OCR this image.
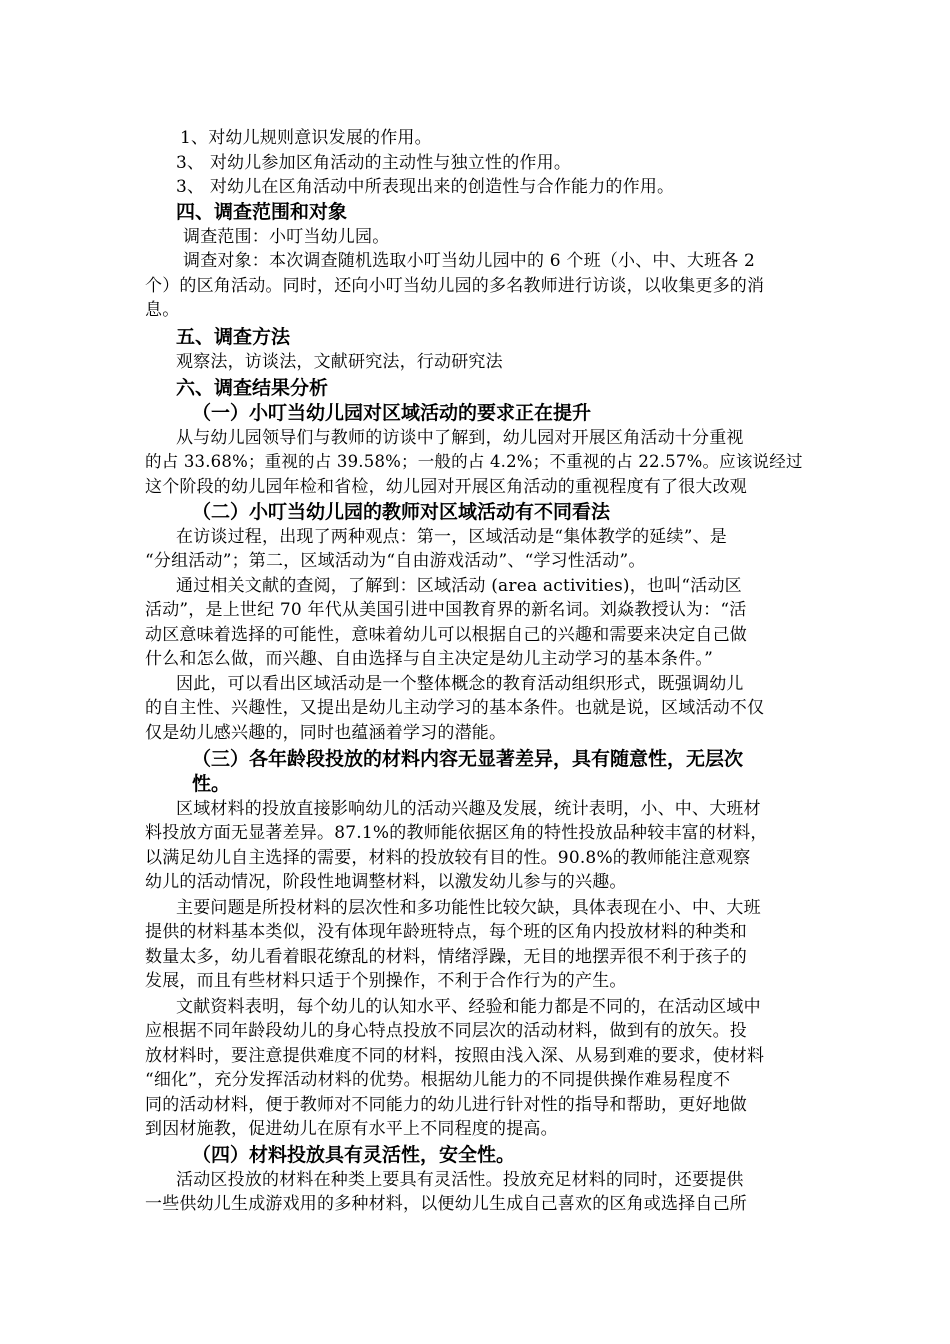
1、对幼儿规则意识发展的作用。
3、 对幼儿参加区角活动的主动性与独立性的作用。
3、 对幼儿在区角活动中所表现出来的创造性与合作能力的作用。
四、调查范围和对象
调查范围：小叮当幼儿园。
调查对象：本次调查随机选取小叮当幼儿园中的 6 个班（小、中、大班各 2
个）的区角活动。同时，还向小叮当幼儿园的多名教师进行访谈，以收集更多的消
息。
五、调查方法
观察法，访谈法，文献研究法，行动研究法
六、调查结果分析
（一）小叮当幼儿园对区域活动的要求正在提升
从与幼儿园领导们与教师的访谈中了解到，幼儿园对开展区角活动十分重视
的占 33.68%；重视的占 39.58%；一般的占 4.2%；不重视的占 22.57%。应该说经过
这个阶段的幼儿园年检和省检，幼儿园对开展区角活动的重视程度有了很大改观
（二）小叮当幼儿园的教师对区域活动有不同看法
在访谈过程，出现了两种观点：第一，区域活动是“集体教学的延续”、是
“分组活动”；第二，区域活动为“自由游戏活动”、“学习性活动”。
通过相关文献的查阅，了解到：区域活动 (area activities)，也叫“活动区
活动”，是上世纪 70 年代从美国引进中国教育界的新名词。刘焱教授认为：“活
动区意味着选择的可能性，意味着幼儿可以根据自己的兴趣和需要来决定自己做
什么和怎么做，而兴趣、自由选择与自主决定是幼儿主动学习的基本条件。”
因此，可以看出区域活动是一个整体概念的教育活动组织形式，既强调幼儿
的自主性、兴趣性，又提出是幼儿主动学习的基本条件。也就是说，区域活动不仅
仅是幼儿感兴趣的，同时也蕴涵着学习的潜能。
（三）各年龄段投放的材料内容无显著差异，具有随意性，无层次
性。
区域材料的投放直接影响幼儿的活动兴趣及发展，统计表明，小、中、大班材
料投放方面无显著差异。87.1%的教师能依据区角的特性投放品种较丰富的材料，
以满足幼儿自主选择的需要，材料的投放较有目的性。90.8%的教师能注意观察
幼儿的活动情况，阶段性地调整材料，以激发幼儿参与的兴趣。
主要问题是所投材料的层次性和多功能性比较欠缺，具体表现在小、中、大班
提供的材料基本类似，没有体现年龄班特点，每个班的区角内投放材料的种类和
数量太多，幼儿看着眼花缭乱的材料，情绪浮躁，无目的地摆弄很不利于孩子的
发展，而且有些材料只适于个别操作，不利于合作行为的产生。
文献资料表明，每个幼儿的认知水平、经验和能力都是不同的，在活动区域中
应根据不同年龄段幼儿的身心特点投放不同层次的活动材料，做到有的放矢。投
放材料时，要注意提供难度不同的材料，按照由浅入深、从易到难的要求，使材料
“细化”，充分发挥活动材料的优势。根据幼儿能力的不同提供操作难易程度不
同的活动材料，便于教师对不同能力的幼儿进行针对性的指导和帮助，更好地做
到因材施教，促进幼儿在原有水平上不同程度的提高。
（四）材料投放具有灵活性，安全性。
活动区投放的材料在种类上要具有灵活性。投放充足材料的同时，还要提供
一些供幼儿生成游戏用的多种材料，以便幼儿生成自己喜欢的区角或选择自己所
